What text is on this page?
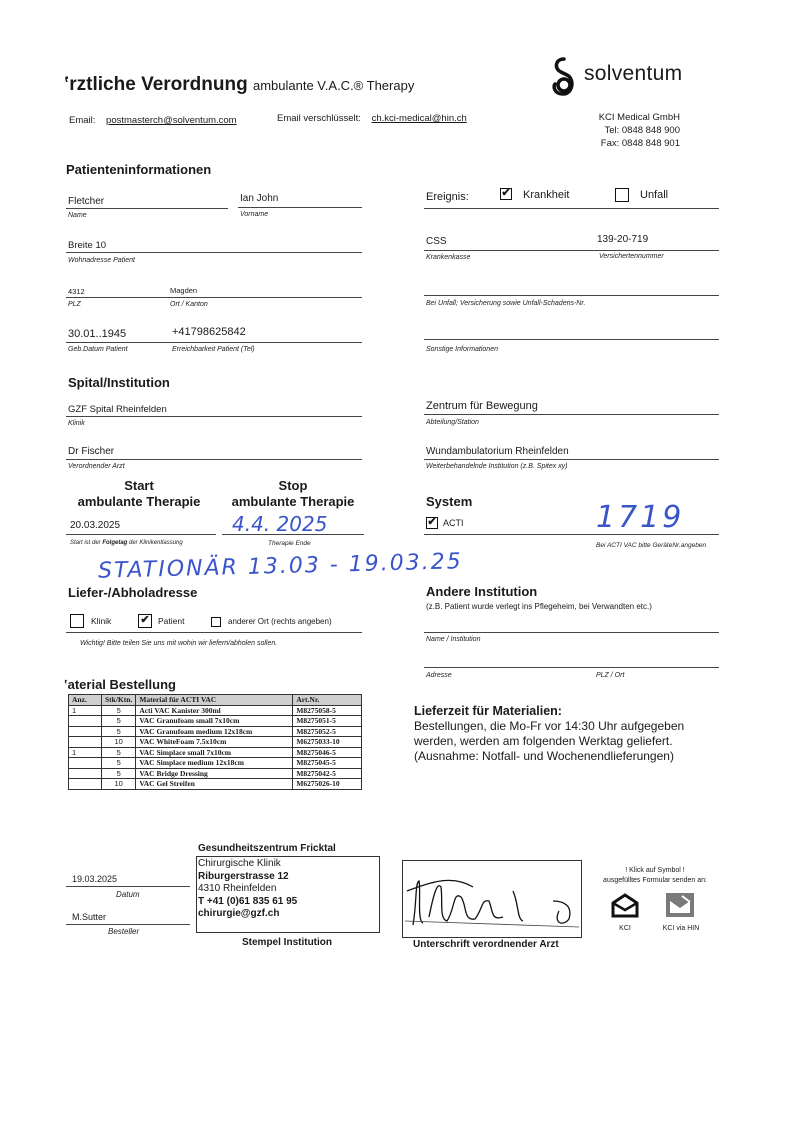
ʽrztliche Verordnung ambulante V.A.C.® Therapy
solventum
Email: postmasterch@solventum.com	Email verschlüsselt: ch.kci-medical@hin.ch	KCI Medical GmbH
Tel: 0848 848 900
Fax: 0848 848 901
Patienteninformationen
Fletcher
Name
Ian John
Vorname
Ereignis:	✔ Krankheit	Unfall
Breite 10
Wohnadresse Patient
CSS	139-20-719
Krankenkasse	Versichertennummer
4312	Magden
PLZ	Ort / Kanton	Bei Unfall; Versicherung sowie Unfall-Schadens-Nr.
30.01..1945	+41798625842
Geb.Datum Patient	Erreichbarkeit Patient (Tel)	Sonstige Informationen
Spital/Institution
GZF Spital Rheinfelden
Klinik
Zentrum für Bewegung
Abteilung/Station
Dr Fischer
Verordnender Arzt
Wundambulatorium Rheinfelden
Weiterbehandelnde Institution (z.B. Spitex xy)
Start
ambulante Therapie
Stop
ambulante Therapie	System
20.03.2025
Start ist der Folgetag der Klinikentlassung
4.4. 2025
Therapie Ende
✔ ACTI	1719
Bei ACTI VAC bitte GeräteNr.angeben
STATIONÄR 13.03 - 19.03.25
Liefer-/Abholadresse	Andere Institution
(z.B. Patient wurde verlegt ins Pflegeheim, bei Verwandten etc.)
Klinik	✔ Patient	anderer Ort (rechts angeben)
Wichtig! Bitte teilen Sie uns mit wohin wir liefern/abholen sollen.
Name / Institution
Adresse	PLZ / Ort
ʽaterial Bestellung
Anz.	Stk/Ktn.	Material für ACTI VAC	Art.Nr.
1	5	Acti VAC Kanister 300ml	M8275058-5
	5	VAC Granufoam small 7x10cm	M8275051-5
	5	VAC Granufoam medium 12x18cm	M8275052-5
	10	VAC WhiteFoam 7.5x10cm	M6275033-10
1	5	VAC Simplace small 7x10cm	M8275046-5
	5	VAC Simplace medium 12x18cm	M8275045-5
	5	VAC Bridge Dressing	M8275042-5
	10	VAC Gel Streifen	M6275026-10
Lieferzeit für Materialien:
Bestellungen, die Mo-Fr vor 14:30 Uhr aufgegeben
werden, werden am folgenden Werktag geliefert.
(Ausnahme: Notfall- und Wochenendlieferungen)
19.03.2025
Datum
M.Sutter
Besteller
Gesundheitszentrum Fricktal
Chirurgische Klinik
Riburgerstrasse 12
4310 Rheinfelden
T +41 (0)61 835 61 95
chirurgie@gzf.ch
Stempel Institution	Unterschrift verordnender Arzt
! Klick auf Symbol !
ausgefülltes Formular senden an:
KCI	KCI via HIN
